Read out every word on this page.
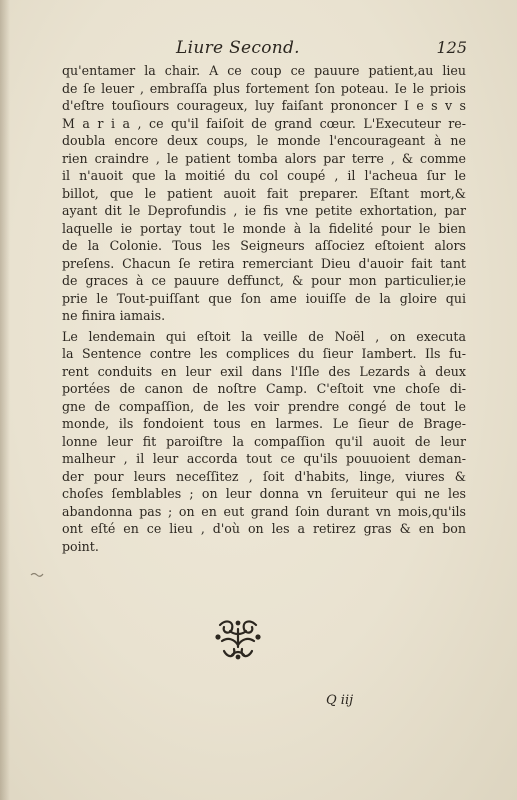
Liure Second.	125
qu'entamer la chair. A ce coup ce pauure patient,au lieu
de ſe leuer , embraſſa plus fortement ſon poteau. Ie le priois
d'eſtre touſiours courageux, luy faiſant prononcer I e s v s
M a r i a , ce qu'il faiſoit de grand cœur. L'Executeur re-
doubla encore deux coups, le monde l'encourageant à ne
rien craindre , le patient tomba alors par terre , & comme
il n'auoit que la moitié du col coupé , il l'acheua ſur le
billot, que le patient auoit fait preparer. Eſtant mort,&
ayant dit le Deprofundis , ie fis vne petite exhortation, par
laquelle ie portay tout le monde à la fidelité pour le bien
de la Colonie. Tous les Seigneurs aſſociez eſtoient alors
preſens. Chacun ſe retira remerciant Dieu d'auoir fait tant
de graces à ce pauure deffunct, & pour mon particulier,ie
prie le Tout-puiſſant que ſon ame iouiſſe de la gloire qui
ne finira iamais.
Le lendemain qui eſtoit la veille de Noël , on executa
la Sentence contre les complices du ſieur Iambert. Ils fu-
rent conduits en leur exil dans l'Iſle des Lezards à deux
portées de canon de noſtre Camp. C'eſtoit vne choſe di-
gne de compaſſion, de les voir prendre congé de tout le
monde, ils fondoient tous en larmes. Le ſieur de Brage-
lonne leur fit paroiſtre la compaſſion qu'il auoit de leur
malheur , il leur accorda tout ce qu'ils pouuoient deman-
der pour leurs neceſſitez , ſoit d'habits, linge, viures &
choſes ſemblables ; on leur donna vn ſeruiteur qui ne les
abandonna pas ; on en eut grand ſoin durant vn mois,qu'ils
ont eſté en ce lieu , d'où on les a retirez gras & en bon
point.
Q iij
